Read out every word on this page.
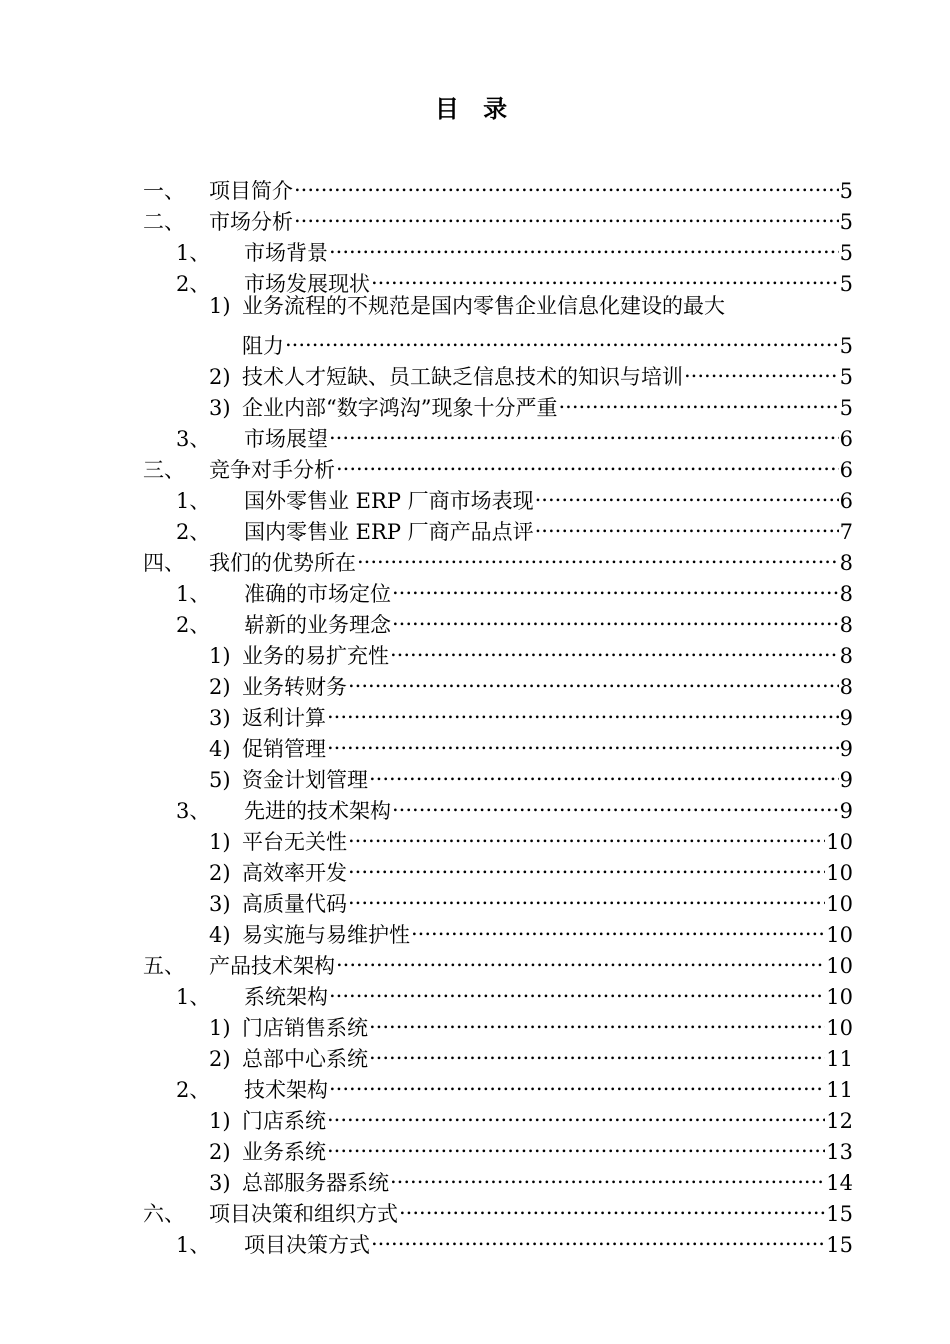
目 录
一、	项目简介 .....	5
二、	市场分析 .....	5
1、	市场背景 .....	5
2、	市场发展现状 .....	5
1) 业务流程的不规范是国内零售企业信息化建设的最大
阻力 .....	5
2) 技术人才短缺、员工缺乏信息技术的知识与培训 .....	5
3) 企业内部“数字鸿沟”现象十分严重 .....	5
3、	市场展望 .....	6
三、	竞争对手分析 .....	6
1、	国外零售业 ERP 厂商市场表现 .....	6
2、	国内零售业 ERP 厂商产品点评 .....	7
四、	我们的优势所在 .....	8
1、	准确的市场定位 .....	8
2、	崭新的业务理念 .....	8
1) 业务的易扩充性 .....	8
2) 业务转财务 .....	8
3) 返利计算 .....	9
4) 促销管理 .....	9
5) 资金计划管理 .....	9
3、	先进的技术架构 .....	9
1) 平台无关性 .....	10
2) 高效率开发 .....	10
3) 高质量代码 .....	10
4) 易实施与易维护性 .....	10
五、	产品技术架构 .....	10
1、	系统架构 .....	10
1) 门店销售系统 .....	10
2) 总部中心系统 .....	11
2、	技术架构 .....	11
1) 门店系统 .....	12
2) 业务系统 .....	13
3) 总部服务器系统 .....	14
六、	项目决策和组织方式 .....	15
1、	项目决策方式 .....	15
